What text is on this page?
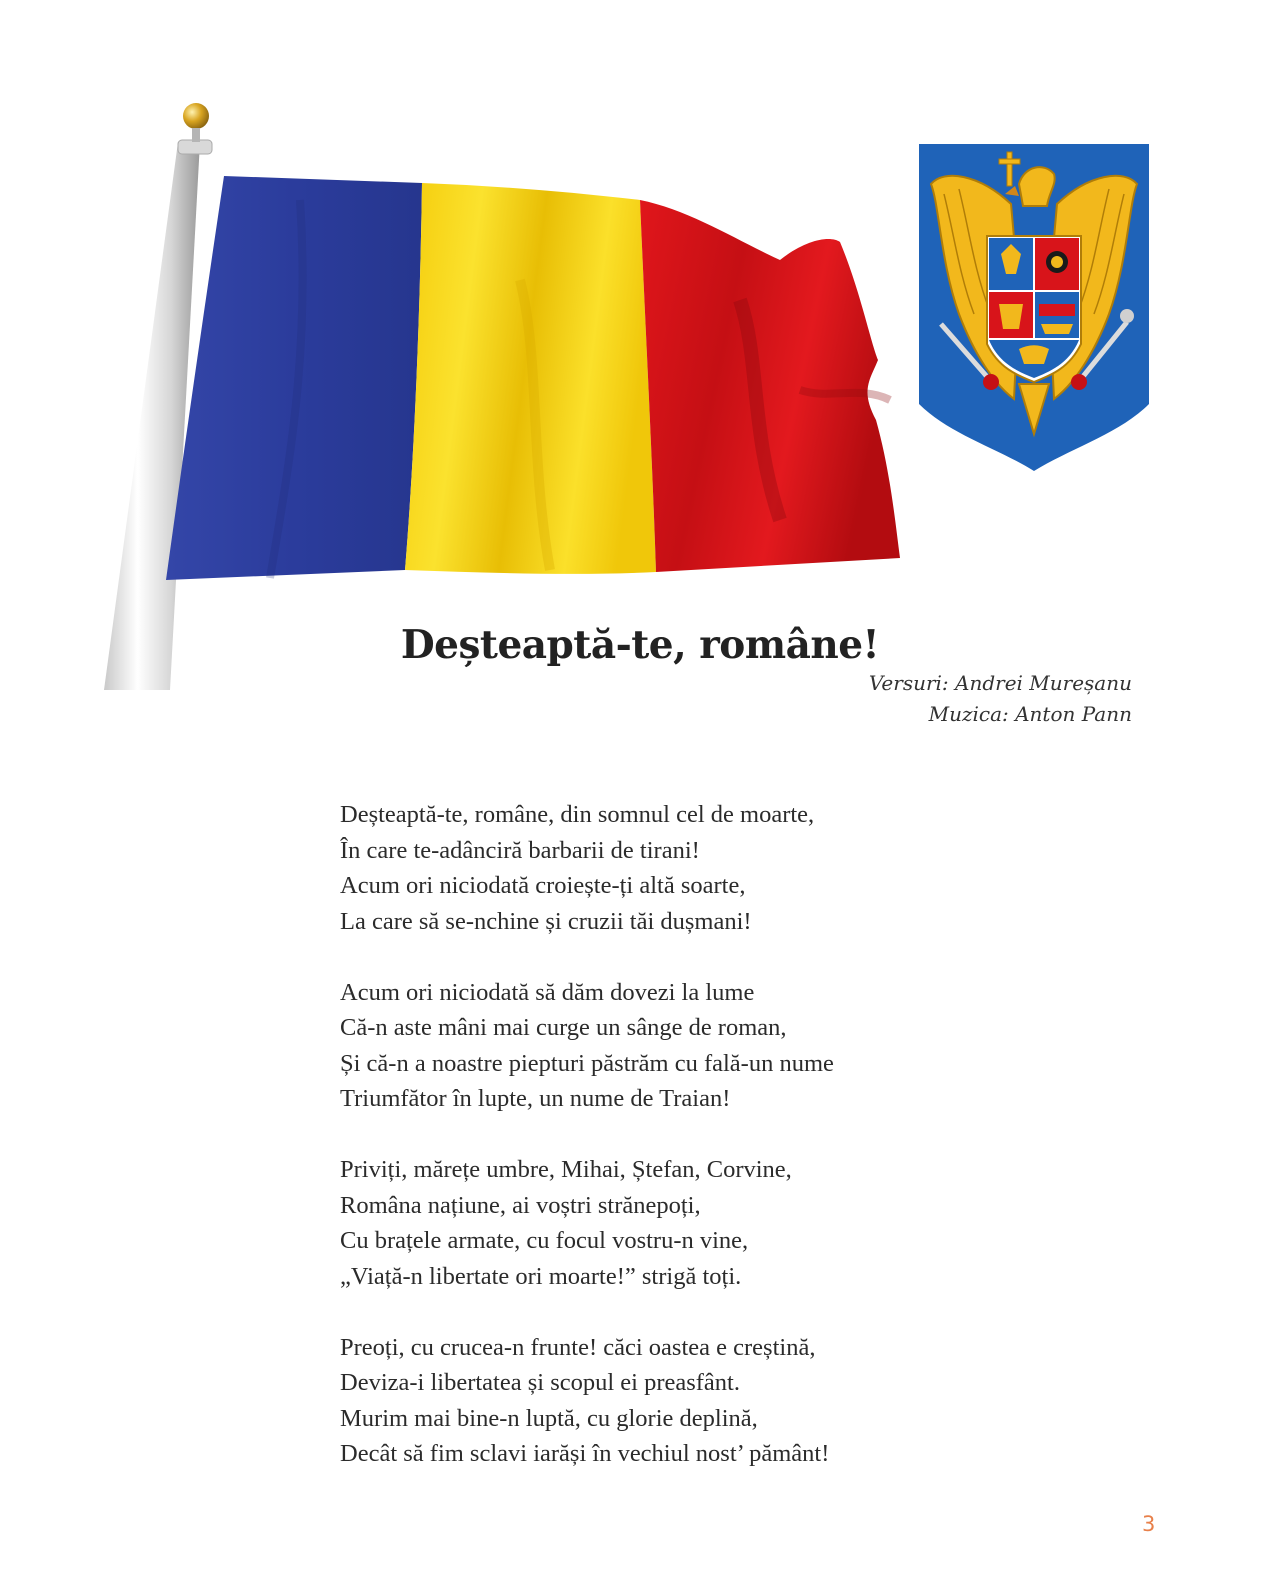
Deșteaptă-te, române!
Versuri: Andrei Mureșanu
Muzica: Anton Pann
Deșteaptă-te, române, din somnul cel de moarte,
În care te-adânciră barbarii de tirani!
Acum ori niciodată croiește-ți altă soarte,
La care să se-nchine și cruzii tăi dușmani!
Acum ori niciodată să dăm dovezi la lume
Că-n aste mâni mai curge un sânge de roman,
Și că-n a noastre piepturi păstrăm cu fală-un nume
Triumfător în lupte, un nume de Traian!
Priviți, mărețe umbre, Mihai, Ștefan, Corvine,
Româna națiune, ai voștri strănepoți,
Cu brațele armate, cu focul vostru-n vine,
„Viață-n libertate ori moarte!” strigă toți.
Preoți, cu crucea-n frunte! căci oastea e creștină,
Deviza-i libertatea și scopul ei preasfânt.
Murim mai bine-n luptă, cu glorie deplină,
Decât să fim sclavi iarăși în vechiul nost’ pământ!
3
